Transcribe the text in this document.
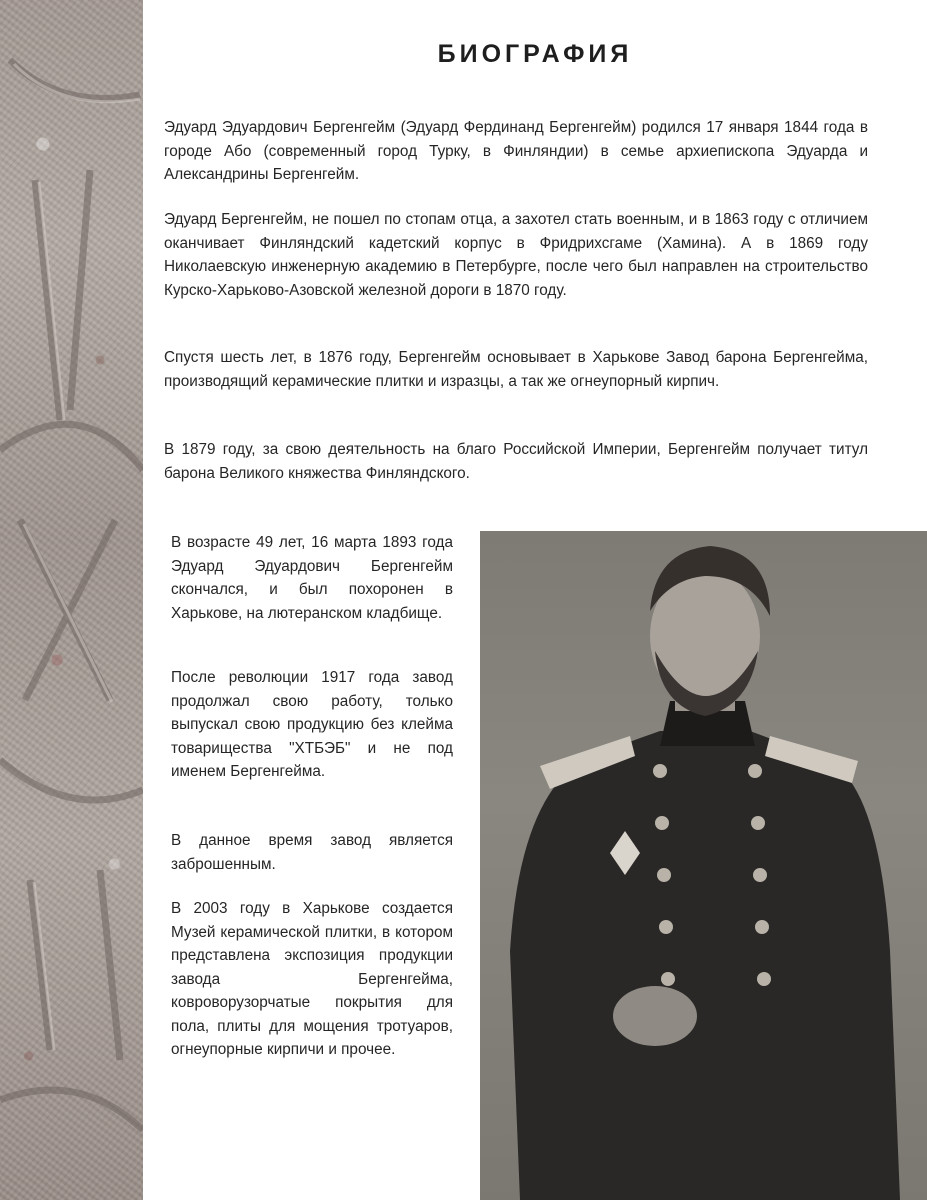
БИОГРАФИЯ

Эдуард Эдуардович Бергенгейм (Эдуард Фердинанд Бергенгейм) родился 17 января 1844 года в городе Або (современный город Турку, в Финляндии) в семье архиепископа Эдуарда и Александрины Бергенгейм.

Эдуард Бергенгейм, не пошел по стопам отца, а захотел стать военным, и в 1863 году с отличием оканчивает Финляндский кадетский корпус в Фридрихсгаме (Хамина). А в 1869 году Николаевскую инженерную академию в Петербурге, после чего был направлен на строительство Курско-Харьково-Азовской железной дороги в 1870 году.

Спустя шесть лет, в 1876 году, Бергенгейм основывает в Харькове Завод барона Бергенгейма, производящий керамические плитки и изразцы, а так же огнеупорный кирпич.

В 1879 году, за свою деятельность на благо Российской Империи, Бергенгейм получает титул барона Великого княжества Финляндского.

В возрасте 49 лет, 16 марта 1893 года Эдуард Эдуардович Бергенгейм скончался, и был похоронен в Харькове, на лютеранском кладбище.

После революции 1917 года завод продолжал свою работу, только выпускал свою продукцию без клейма товарищества "ХТБЭБ" и не под именем Бергенгейма.

В данное время завод является заброшенным.

В 2003 году в Харькове создается Музей керамической плитки, в котором представлена экспозиция продукции завода Бергенгейма, ковроворузорчатые покрытия для пола, плиты для мощения тротуаров, огнеупорные кирпичи и прочее.
